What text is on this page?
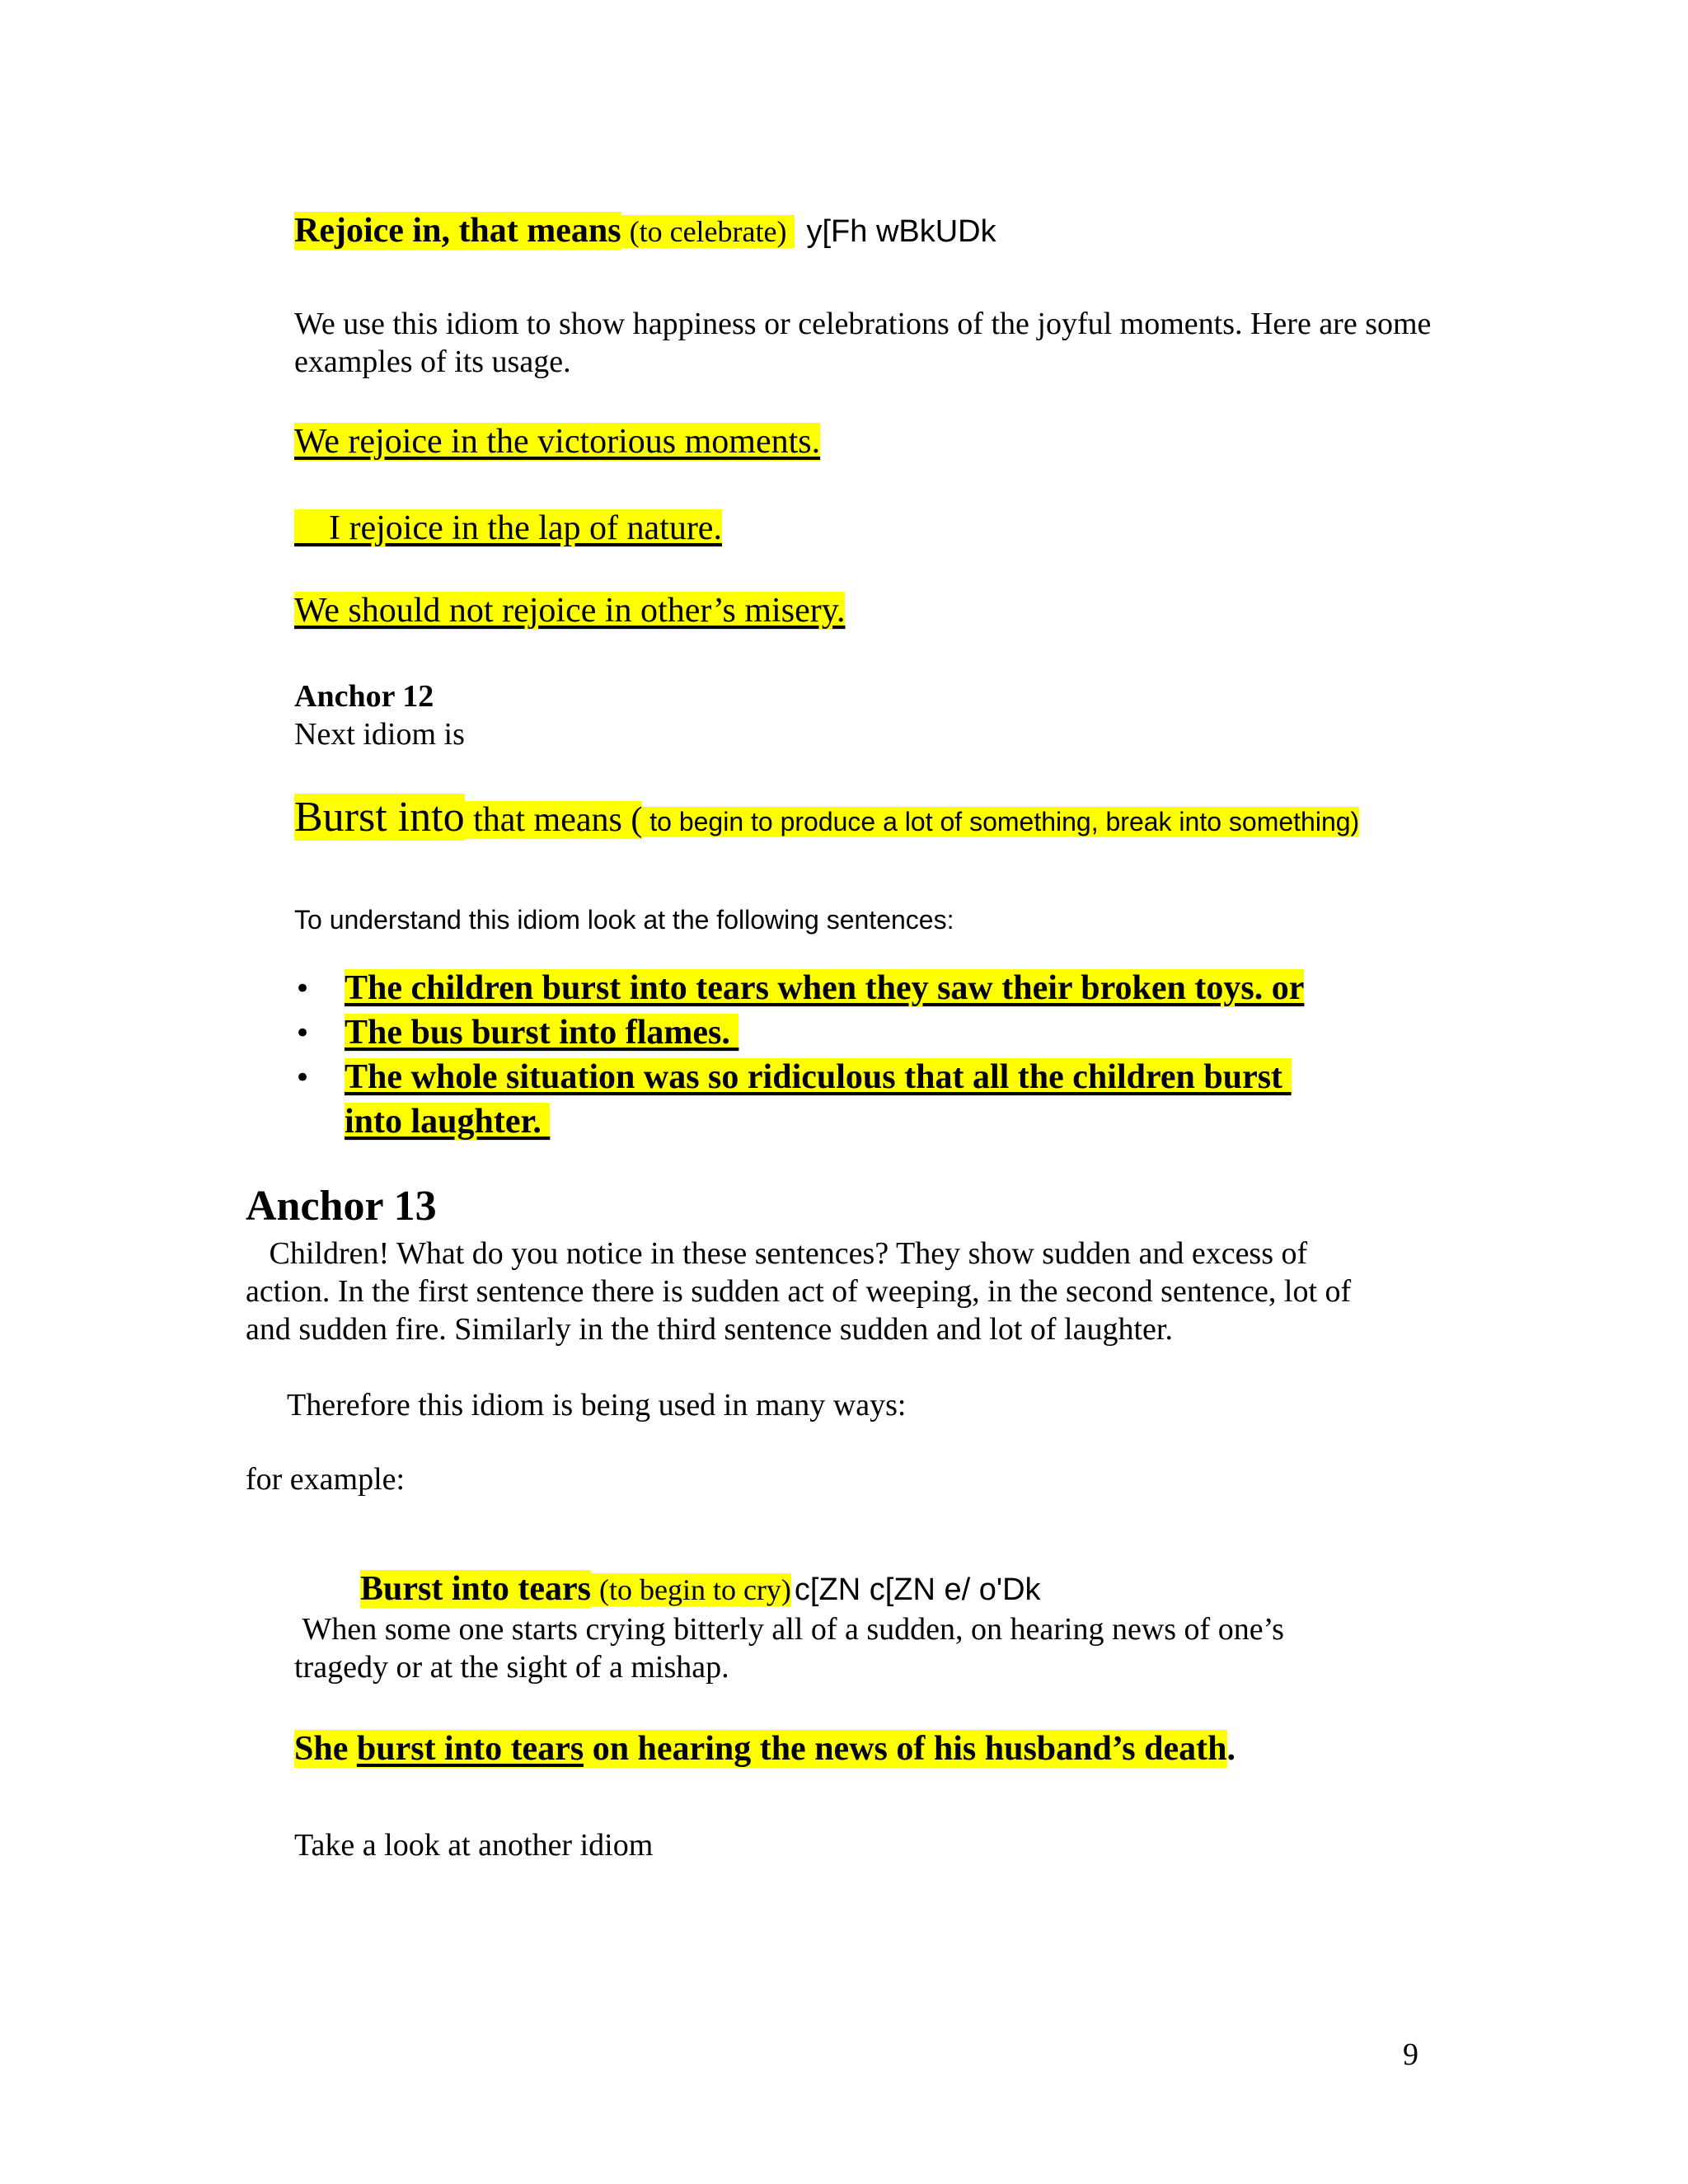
Rejoice in, that means (to celebrate) y[Fh wBkUDk
We use this idiom to show happiness or celebrations of the joyful moments. Here are some examples of its usage.
We rejoice in the victorious moments.
I rejoice in the lap of nature.
We should not rejoice in other’s misery.
Anchor 12
Next idiom is
Burst into that means ( to begin to produce a lot of something, break into something)
To understand this idiom look at the following sentences:
• The children burst into tears when they saw their broken toys. or
• The bus burst into flames.
• The whole situation was so ridiculous that all the children burst
into laughter.
Anchor 13
Children! What do you notice in these sentences? They show sudden and excess of
action. In the first sentence there is sudden act of weeping, in the second sentence, lot of
and sudden fire. Similarly in the third sentence sudden and lot of laughter.
Therefore this idiom is being used in many ways:
for example:
Burst into tears (to begin to cry) c[ZN c[ZN e/ o'Dk
When some one starts crying bitterly all of a sudden, on hearing news of one’s tragedy or at the sight of a mishap.
She burst into tears on hearing the news of his husband’s death.
Take a look at another idiom
9
